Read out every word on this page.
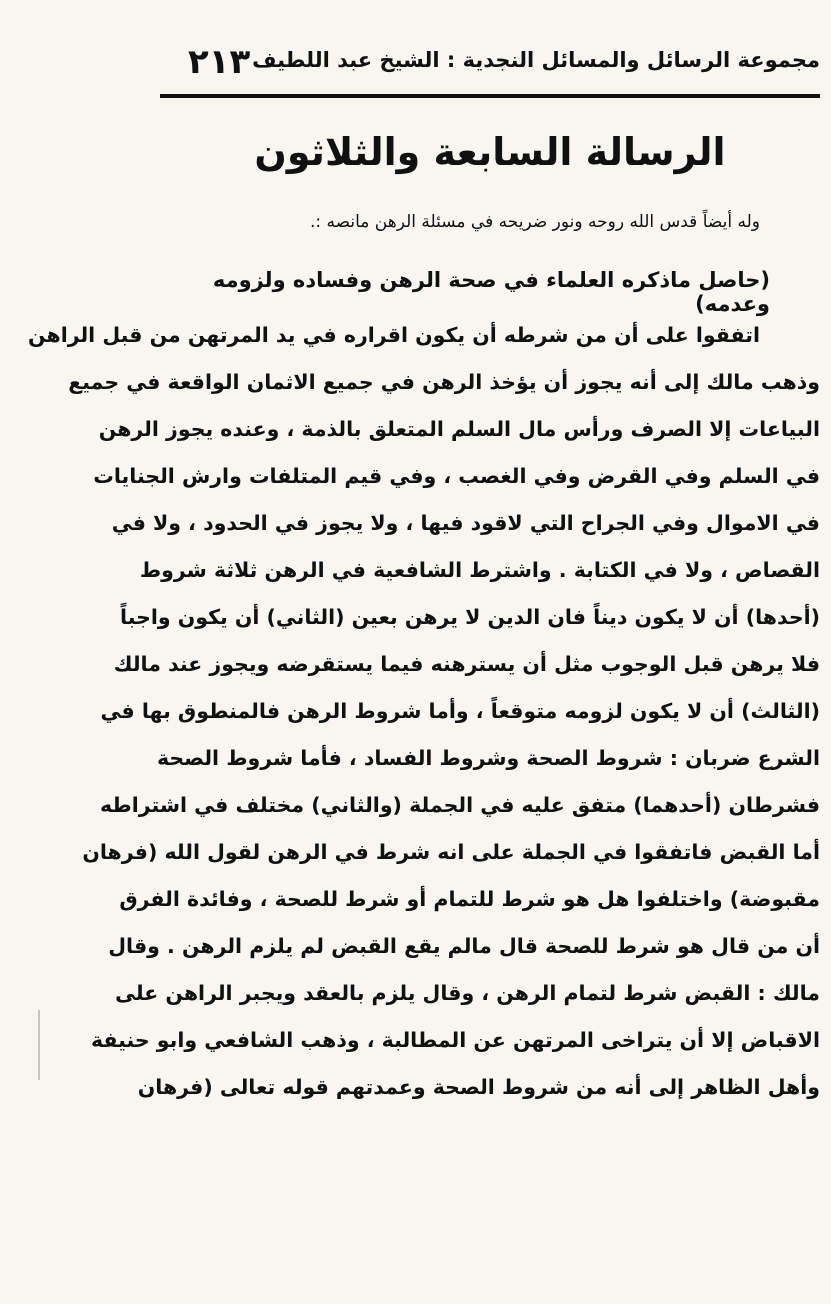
مجموعة الرسائل والمسائل النجدية : الشيخ عبد اللطيف
٢١٣
الرسالة السابعة والثلاثون
وله أيضاً قدس الله روحه ونور ضريحه في مسئلة الرهن مانصه :.
(حاصل ماذكره العلماء في صحة الرهن وفساده ولزومه وعدمه)
اتفقوا على أن من شرطه أن يكون اقراره في يد المرتهن من قبل الراهن
وذهب مالك إلى أنه يجوز أن يؤخذ الرهن في جميع الاثمان الواقعة في جميع
البياعات إلا الصرف ورأس مال السلم المتعلق بالذمة ، وعنده يجوز الرهن
في السلم وفي القرض وفي الغصب ، وفي قيم المتلفات وارش الجنايات
في الاموال وفي الجراح التي لاقود فيها ، ولا يجوز في الحدود ، ولا في
القصاص ، ولا في الكتابة . واشترط الشافعية في الرهن ثلاثة شروط
(أحدها) أن لا يكون ديناً فان الدين لا يرهن بعين (الثاني) أن يكون واجباً
فلا يرهن قبل الوجوب مثل أن يسترهنه فيما يستقرضه ويجوز عند مالك
(الثالث) أن لا يكون لزومه متوقعاً ، وأما شروط الرهن فالمنطوق بها في
الشرع ضربان : شروط الصحة وشروط الفساد ، فأما شروط الصحة
فشرطان (أحدهما) متفق عليه في الجملة (والثاني) مختلف في اشتراطه
أما القبض فاتفقوا في الجملة على انه شرط في الرهن لقول الله (فرهان
مقبوضة) واختلفوا هل هو شرط للتمام أو شرط للصحة ، وفائدة الفرق
أن من قال هو شرط للصحة قال مالم يقع القبض لم يلزم الرهن . وقال
مالك : القبض شرط لتمام الرهن ، وقال يلزم بالعقد ويجبر الراهن على
الاقباض إلا أن يتراخى المرتهن عن المطالبة ، وذهب الشافعي وابو حنيفة
وأهل الظاهر إلى أنه من شروط الصحة وعمدتهم قوله تعالى (فرهان
